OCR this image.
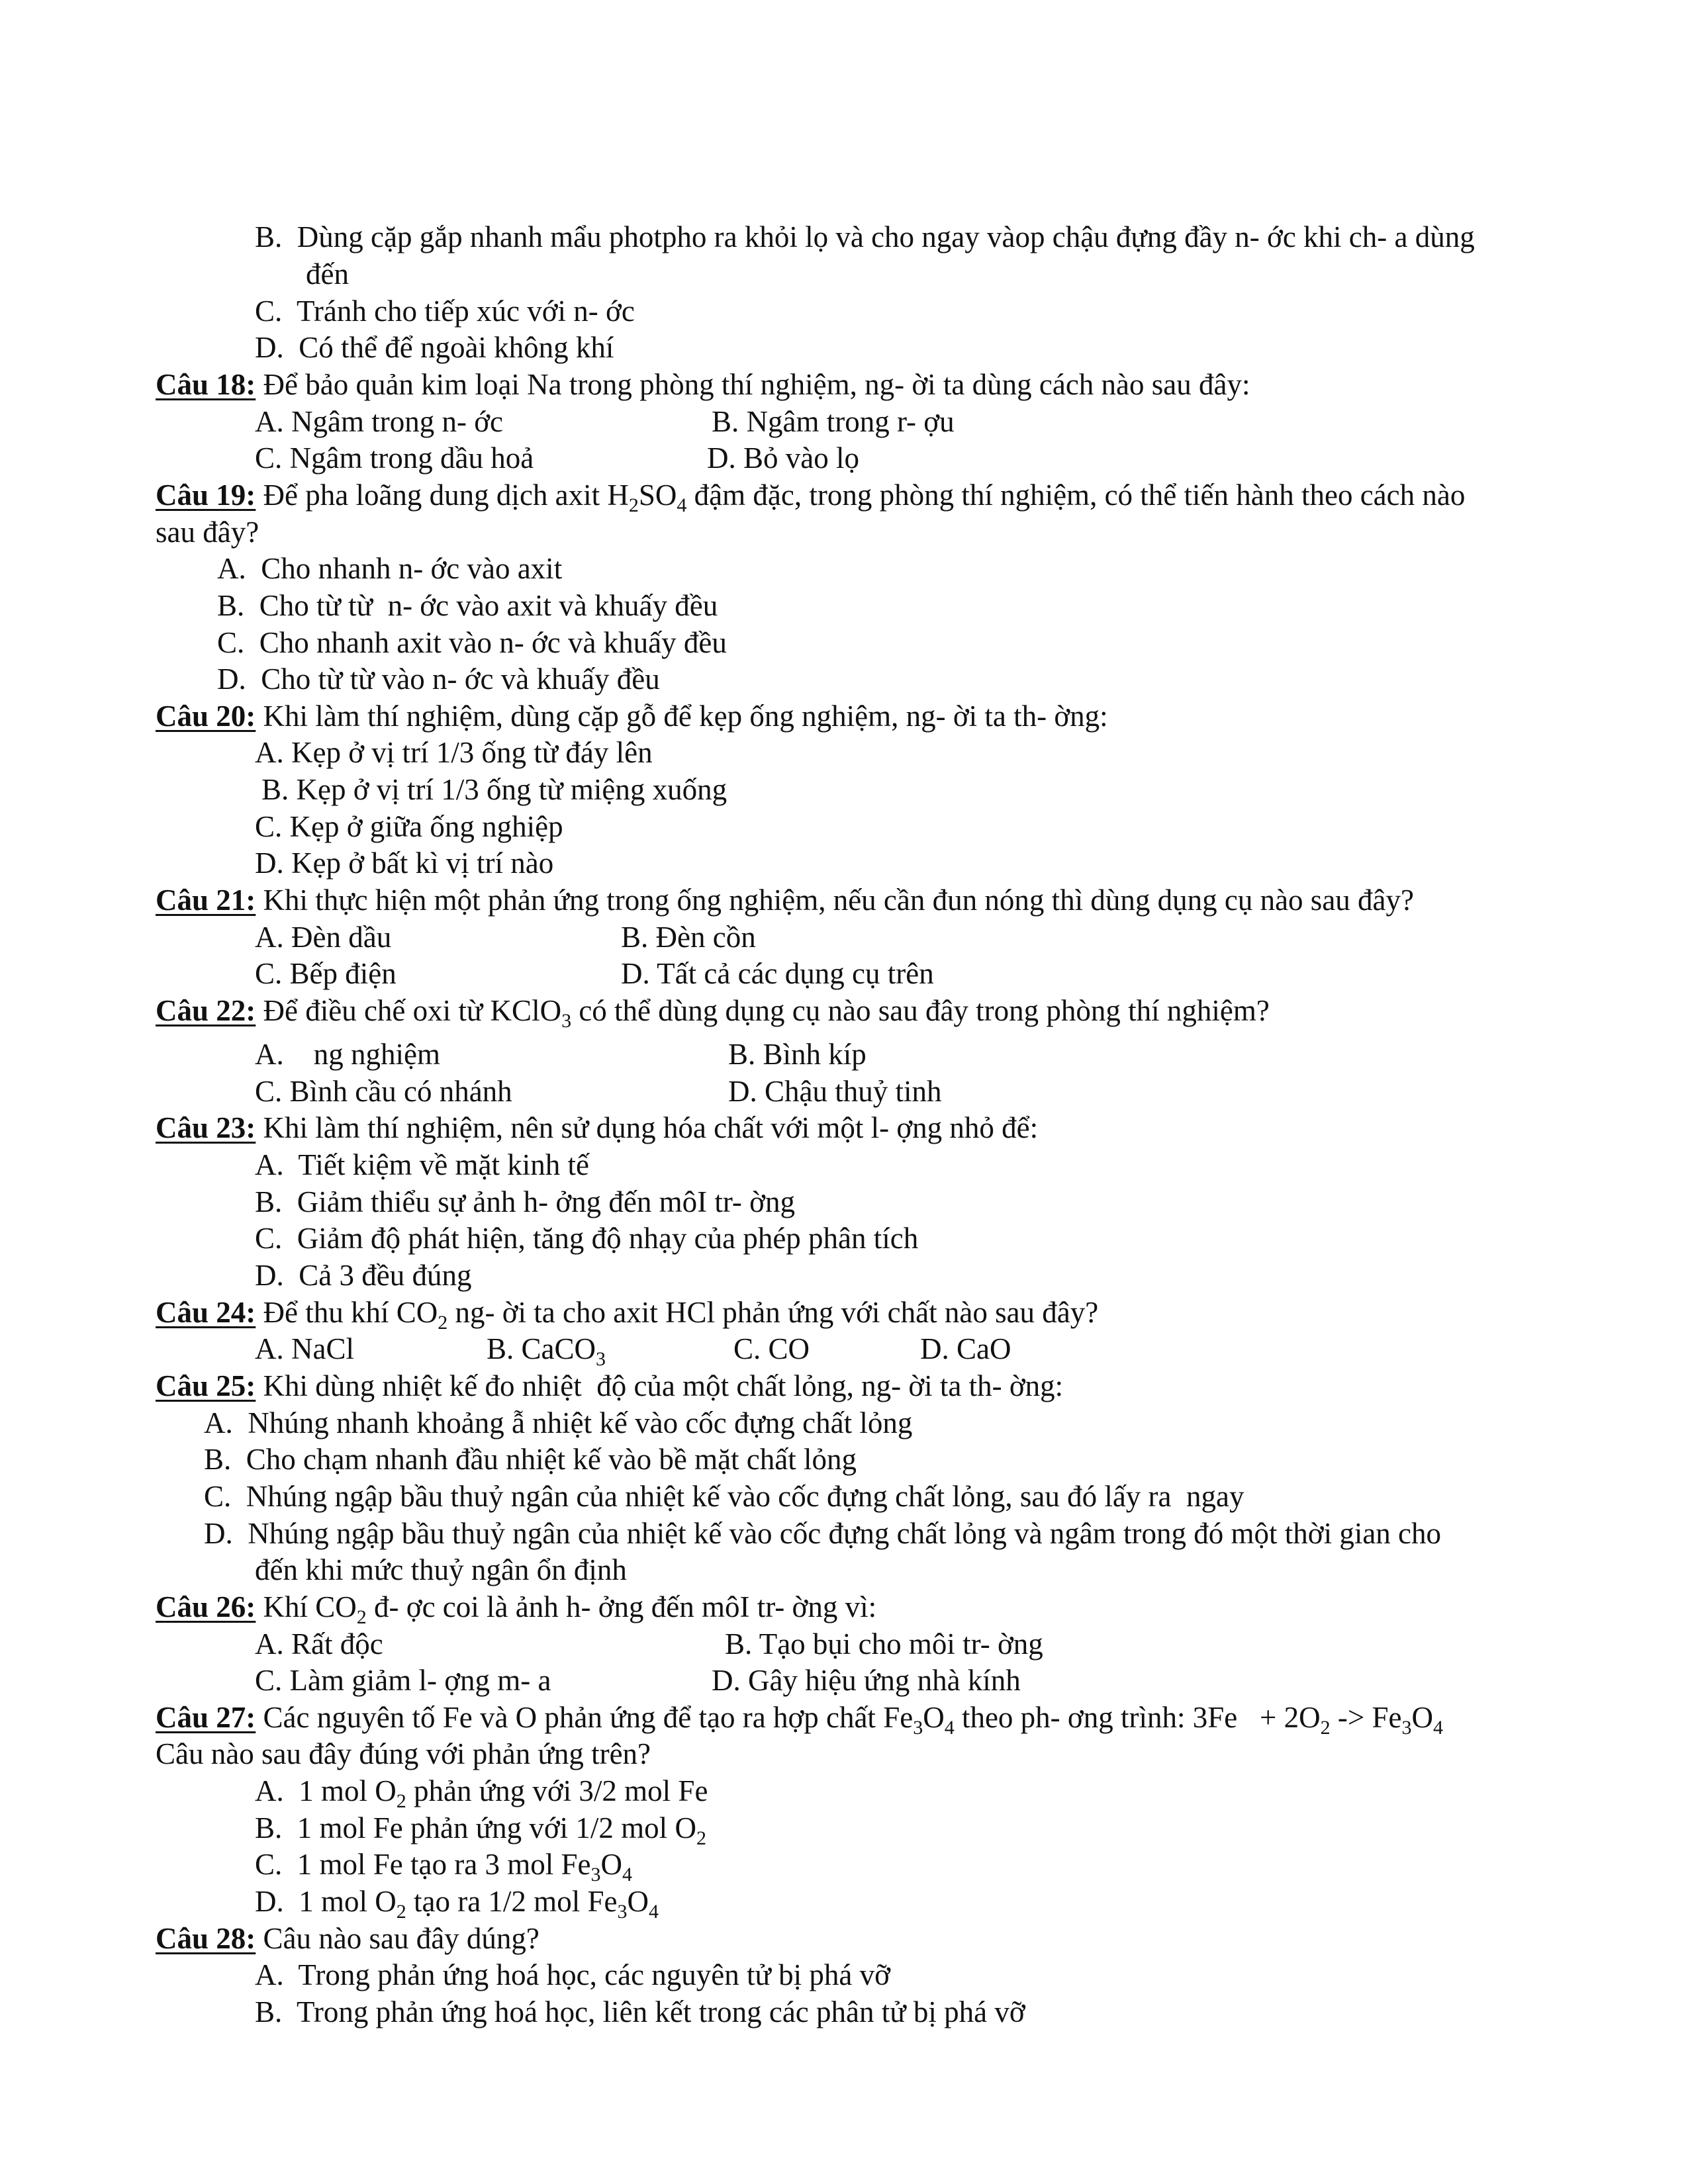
B.  Dùng cặp gắp nhanh mẩu photpho ra khỏi lọ và cho ngay vàop chậu đựng đầy n- ớc khi ch- a dùng
đến
C.  Tránh cho tiếp xúc với n- ớc
D.  Có thể để ngoài không khí
Câu 18: Để bảo quản kim loại Na trong phòng thí nghiệm, ng- ời ta dùng cách nào sau đây:
A. Ngâm trong n- ớc	B. Ngâm trong r- ợu
C. Ngâm trong dầu hoả	D. Bỏ vào lọ
Câu 19: Để pha loãng dung dịch axit $H_2SO_4$ đậm đặc, trong phòng thí nghiệm, có thể tiến hành theo cách nào
sau đây?
A.  Cho nhanh n- ớc vào axit
B.  Cho từ từ  n- ớc vào axit và khuấy đều
C.  Cho nhanh axit vào n- ớc và khuấy đều
D.  Cho từ từ vào n- ớc và khuấy đều
Câu 20: Khi làm thí nghiệm, dùng cặp gỗ để kẹp ống nghiệm, ng- ời ta th- ờng:
A. Kẹp ở vị trí 1/3 ống từ đáy lên
B. Kẹp ở vị trí 1/3 ống từ miệng xuống
C. Kẹp ở giữa ống nghiệp
D. Kẹp ở bất kì vị trí nào
Câu 21: Khi thực hiện một phản ứng trong ống nghiệm, nếu cần đun nóng thì dùng dụng cụ nào sau đây?
A. Đèn dầu	B. Đèn cồn
C. Bếp điện	D. Tất cả các dụng cụ trên
Câu 22: Để điều chế oxi từ KClO$_3$ có thể dùng dụng cụ nào sau đây trong phòng thí nghiệm?
A.    ng nghiệm	B. Bình kíp
C. Bình cầu có nhánh	D. Chậu thuỷ tinh
Câu 23: Khi làm thí nghiệm, nên sử dụng hóa chất với một l- ợng nhỏ để:
A.  Tiết kiệm về mặt kinh tế
B.  Giảm thiểu sự ảnh h- ởng đến môI tr- ờng
C.  Giảm độ phát hiện, tăng độ nhạy của phép phân tích
D.  Cả 3 đều đúng
Câu 24: Để thu khí $CO_2$ ng- ời ta cho axit HCl phản ứng với chất nào sau đây?
A. NaCl	B. CaCO$_3$	C. CO	D. CaO
Câu 25: Khi dùng nhiệt kế đo nhiệt  độ của một chất lỏng, ng- ời ta th- ờng:
A.  Nhúng nhanh khoảng ẫ nhiệt kế vào cốc đựng chất lỏng
B.  Cho chạm nhanh đầu nhiệt kế vào bề mặt chất lỏng
C.  Nhúng ngập bầu thuỷ ngân của nhiệt kế vào cốc đựng chất lỏng, sau đó lấy ra  ngay
D.  Nhúng ngập bầu thuỷ ngân của nhiệt kế vào cốc đựng chất lỏng và ngâm trong đó một thời gian cho
đến khi mức thuỷ ngân ổn định
Câu 26: Khí $CO_2$ đ- ợc coi là ảnh h- ởng đến môI tr- ờng vì:
A. Rất độc	B. Tạo bụi cho môi tr- ờng
C. Làm giảm l- ợng m- a	D. Gây hiệu ứng nhà kính
Câu 27: Các nguyên tố Fe và O phản ứng để tạo ra hợp chất $Fe_3O_4$ theo ph- ơng trình: $3Fe + 2O_2 -> Fe_3O_4$
Câu nào sau đây đúng với phản ứng trên?
A.  1 mol $O_2$ phản ứng với 3/2 mol Fe
B.  1 mol Fe phản ứng với 1/2 mol $O_2$
C.  1 mol Fe tạo ra 3 mol $Fe_3O_4$
D.  1 mol $O_2$ tạo ra 1/2 mol $Fe_3O_4$
Câu 28: Câu nào sau đây dúng?
A.  Trong phản ứng hoá học, các nguyên tử bị phá vỡ
B.  Trong phản ứng hoá học, liên kết trong các phân tử bị phá vỡ
